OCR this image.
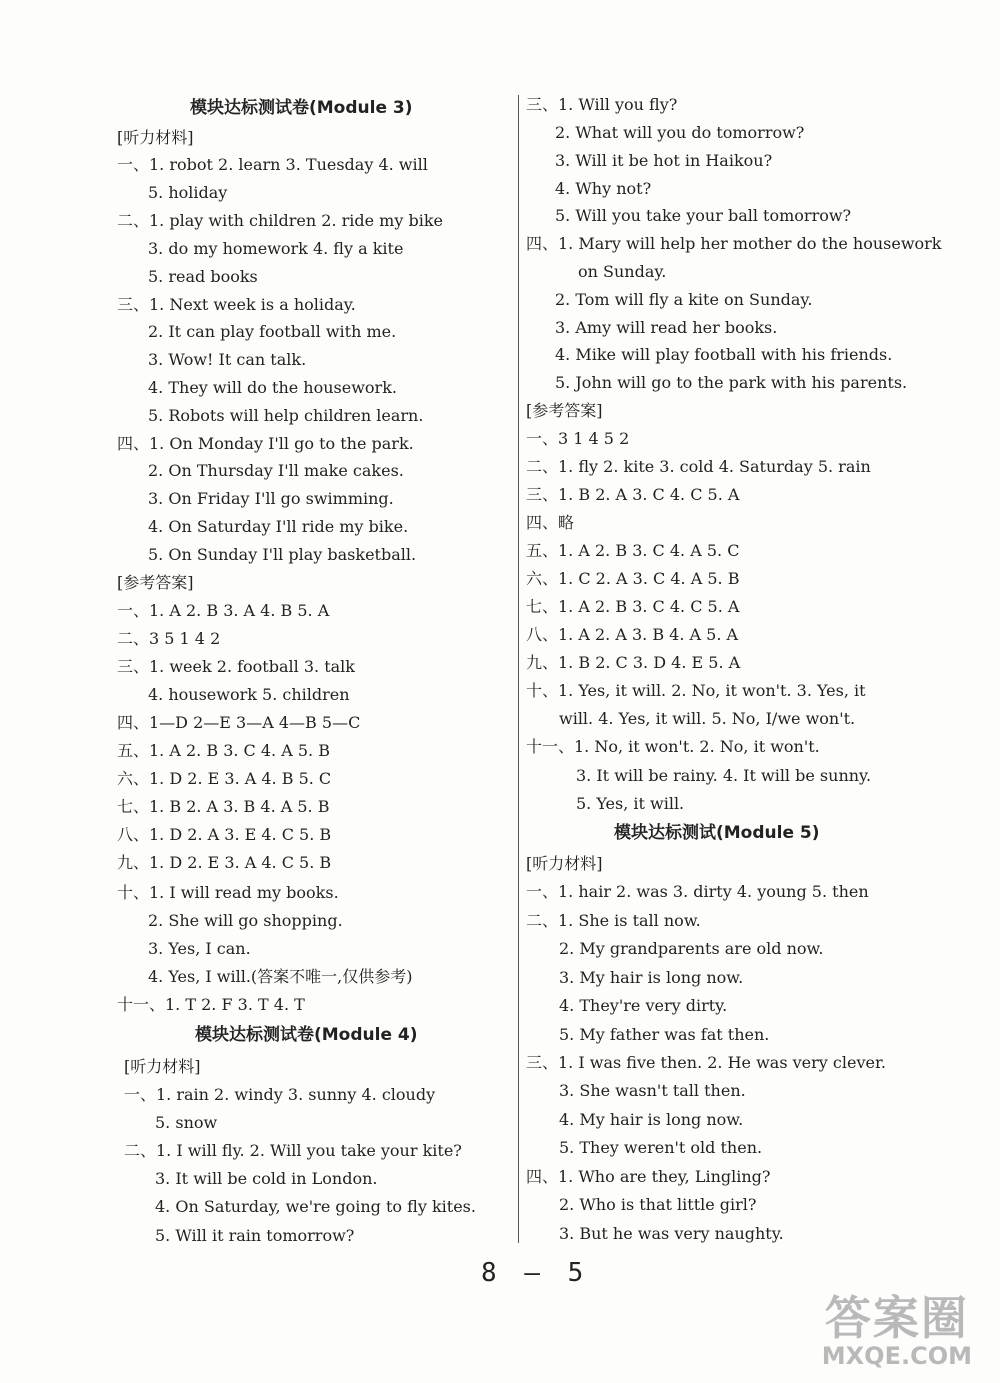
模块达标测试卷(Module 3)
[听力材料]
一、1. robot 2. learn 3. Tuesday 4. will
5. holiday
二、1. play with children 2. ride my bike
3. do my homework 4. fly a kite
5. read books
三、1. Next week is a holiday.
2. It can play football with me.
3. Wow! It can talk.
4. They will do the housework.
5. Robots will help children learn.
四、1. On Monday I'll go to the park.
2. On Thursday I'll make cakes.
3. On Friday I'll go swimming.
4. On Saturday I'll ride my bike.
5. On Sunday I'll play basketball.
[参考答案]
一、1. A 2. B 3. A 4. B 5. A
二、3 5 1 4 2
三、1. week 2. football 3. talk
4. housework 5. children
四、1—D 2—E 3—A 4—B 5—C
五、1. A 2. B 3. C 4. A 5. B
六、1. D 2. E 3. A 4. B 5. C
七、1. B 2. A 3. B 4. A 5. B
八、1. D 2. A 3. E 4. C 5. B
九、1. D 2. E 3. A 4. C 5. B
十、1. I will read my books.
2. She will go shopping.
3. Yes, I can.
4. Yes, I will.(答案不唯一,仅供参考)
十一、1. T 2. F 3. T 4. T
模块达标测试卷(Module 4)
[听力材料]
一、1. rain 2. windy 3. sunny 4. cloudy
5. snow
二、1. I will fly. 2. Will you take your kite?
3. It will be cold in London.
4. On Saturday, we're going to fly kites.
5. Will it rain tomorrow?
三、1. Will you fly?
2. What will you do tomorrow?
3. Will it be hot in Haikou?
4. Why not?
5. Will you take your ball tomorrow?
四、1. Mary will help her mother do the housework
on Sunday.
2. Tom will fly a kite on Sunday.
3. Amy will read her books.
4. Mike will play football with his friends.
5. John will go to the park with his parents.
[参考答案]
一、3 1 4 5 2
二、1. fly 2. kite 3. cold 4. Saturday 5. rain
三、1. B 2. A 3. C 4. C 5. A
四、略
五、1. A 2. B 3. C 4. A 5. C
六、1. C 2. A 3. C 4. A 5. B
七、1. A 2. B 3. C 4. C 5. A
八、1. A 2. A 3. B 4. A 5. A
九、1. B 2. C 3. D 4. E 5. A
十、1. Yes, it will. 2. No, it won't. 3. Yes, it
will. 4. Yes, it will. 5. No, I/we won't.
十一、1. No, it won't. 2. No, it won't.
3. It will be rainy. 4. It will be sunny.
5. Yes, it will.
模块达标测试(Module 5)
[听力材料]
一、1. hair 2. was 3. dirty 4. young 5. then
二、1. She is tall now.
2. My grandparents are old now.
3. My hair is long now.
4. They're very dirty.
5. My father was fat then.
三、1. I was five then. 2. He was very clever.
3. She wasn't tall then.
4. My hair is long now.
5. They weren't old then.
四、1. Who are they, Lingling?
2. Who is that little girl?
3. But he was very naughty.
8 — 5
答案圈
MXQE.COM
